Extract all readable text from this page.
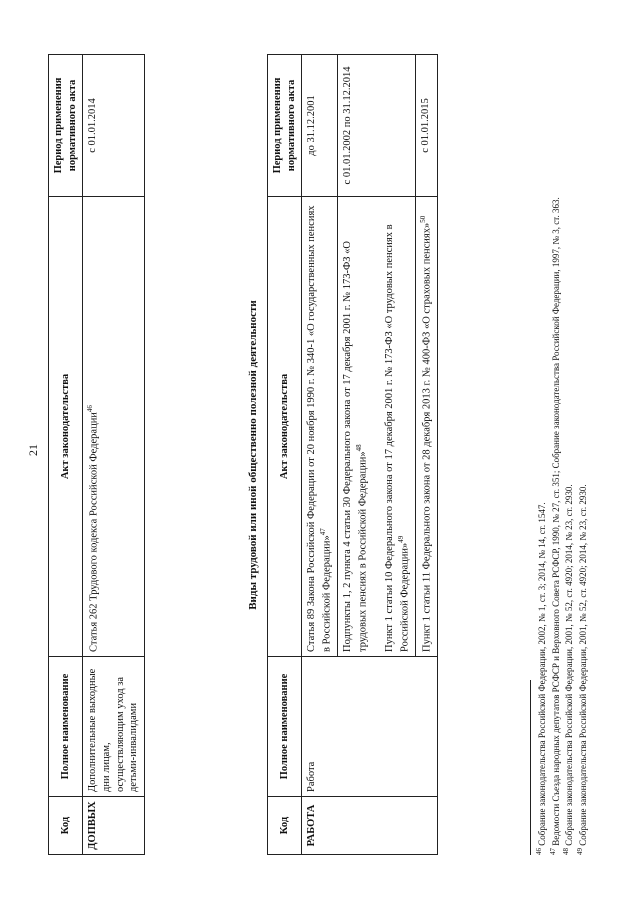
21
Код	Полное наименование	Акт законодательства	Период применения нормативного акта
ДОПВЫХ	Дополнительные выходные дни лицам, осуществляющим уход за детьми-инвалидами	Статья 262 Трудового кодекса Российской Федерации$^{46}$	с 01.01.2014
Виды трудовой или иной общественно полезной деятельности
Код	Полное наименование	Акт законодательства	Период применения нормативного акта
РАБОТА	Работа	Статья 89 Закона Российской Федерации от 20 ноября 1990 г. № 340-1 «О государственных пенсиях в Российской Федерации»$^{47}$	до 31.12.2001
		Подпункты 1, 2 пункта 4 статьи 30 Федерального закона от 17 декабря 2001 г. № 173-ФЗ «О трудовых пенсиях в Российской Федерации»$^{48}$ Пункт 1 статьи 10 Федерального закона от 17 декабря 2001 г. № 173-ФЗ «О трудовых пенсиях в Российской Федерации»$^{49}$	с 01.01.2002 по 31.12.2014
		Пункт 1 статьи 11 Федерального закона от 28 декабря 2013 г. № 400-ФЗ «О страховых пенсиях»$^{50}$	с 01.01.2015
$^{46}$ Собрание законодательства Российской Федерации, 2002, № 1, ст. 3; 2014, № 14, ст. 1547.
$^{47}$ Ведомости Съезда народных депутатов РСФСР и Верховного Совета РСФСР, 1990, № 27, ст. 351; Собрание законодательства Российской Федерации, 1997, № 3, ст. 363.
$^{48}$ Собрание законодательства Российской Федерации, 2001, № 52, ст. 4920; 2014, № 23, ст. 2930.
$^{49}$ Собрание законодательства Российской Федерации, 2001, № 52, ст. 4920; 2014, № 23, ст. 2930.
